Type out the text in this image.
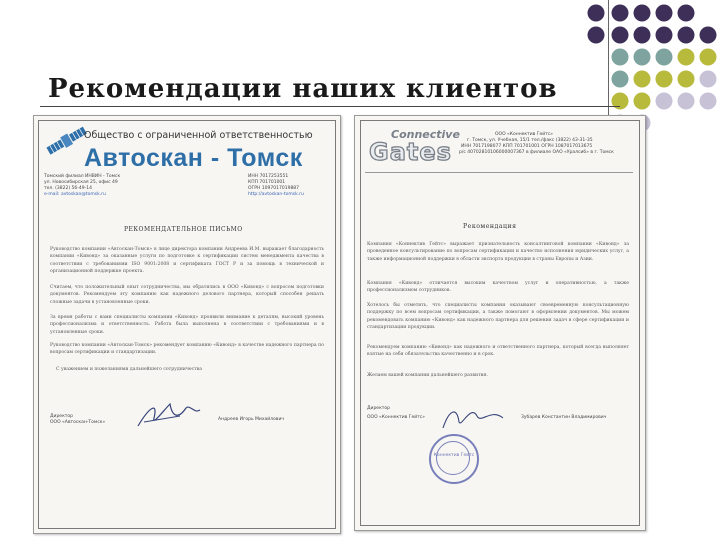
Рекомендации наших клиентов
Общество с ограниченной ответственностью
Автоскан - Томск
Томский филиал ИНВИН - Томск
ул. Новосибирская 25, офис 49
тел. (3822) 56-49-14
e-mail: avtoskan@tomsk.ru
ИНН 7017253551
КПП 701701001
ОГРН 1097017019887
http://avtoskan-tomsk.ru
РЕКОМЕНДАТЕЛЬНОЕ ПИСЬМО
Руководство компании «Автоскан-Томск» в лице директора компании Андреева И.М. выражает благодарность компании «Кивонд» за оказанные услуги по подготовке к сертификации систем менеджмента качества в соответствии с требованиями ISO 9001:2008 и сертификата ГОСТ Р и за помощь в технической и организационной поддержке проекта.
Считаем, что положительный опыт сотрудничества, мы обратились в ООО «Кивонд» с вопросом подготовки документов. Рекомендуем эту компанию как надежного делового партнера, который способен решать сложные задачи в установленные сроки.
За время работы с вами специалисты компании «Кивонд» проявили внимание к деталям, высокий уровень профессионализма и ответственность. Работа была выполнена в соответствии с требованиями и в установленные сроки.
Руководство компании «Автоскан-Томск» рекомендует компанию «Кивонд» в качестве надежного партнера по вопросам сертификации и стандартизации.
С уважением и пожеланиями дальнейшего сотрудничества
Директор
ООО «Автоскан-Томск»
Андреев Игорь Михайлович
Connective
Gates
ООО «Коннектив Гейтс»
г. Томск, ул. Учебная, 15/1 тел./факс (3822) 43-31-35
ИНН 7017198077 КПП 701701001 ОГРН 1087017013675
р/с 40702810106000007367 в филиале ОАО «Уралсиб» в г. Томск
Рекомендация
Компания «Коннектив Гейтс» выражает признательность консалтинговой компании «Кивонд» за проведенное консультирование по вопросам сертификации и качество исполнения юридических услуг, а также информационной поддержки в области экспорта продукции в страны Европы и Азии.
Компания «Кивонд» отличается высоким качеством услуг и оперативностью, а также профессионализмом сотрудников.
Хотелось бы отметить, что специалисты компании оказывают своевременную консультационную поддержку по всем вопросам сертификации, а также помогают в оформлении документов. Мы можем рекомендовать компанию «Кивонд» как надежного партнера для решения задач в сфере сертификации и стандартизации продукции.
Рекомендуем компанию «Кивонд» как надежного и ответственного партнера, который всегда выполняет взятые на себя обязательства качественно и в срок.
Желаем вашей компании дальнейшего развития.
Директор
ООО «Коннектив Гейтс»	Зубарев Константин Владимирович
Коннектив Гейтс
